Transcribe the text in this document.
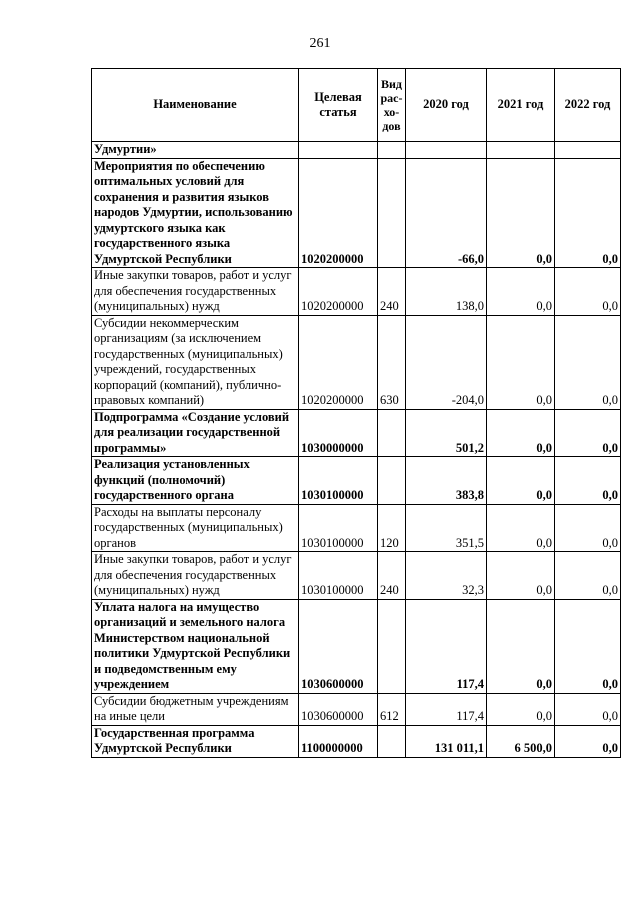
261
Наименование	Целевая статья	Вид рас-хо-дов	2020 год	2021 год	2022 год
Удмуртии»					
Мероприятия по обеспечению оптимальных условий для сохранения и развития языков народов Удмуртии, использованию удмуртского языка как государственного языка Удмуртской Республики	1020200000		-66,0	0,0	0,0
Иные закупки товаров, работ и услуг для обеспечения государственных (муниципальных) нужд	1020200000	240	138,0	0,0	0,0
Субсидии некоммерческим организациям (за исключением государственных (муниципальных) учреждений, государственных корпораций (компаний), публично-правовых компаний)	1020200000	630	-204,0	0,0	0,0
Подпрограмма «Создание условий для реализации государственной программы»	1030000000		501,2	0,0	0,0
Реализация установленных функций (полномочий) государственного органа	1030100000		383,8	0,0	0,0
Расходы на выплаты персоналу государственных (муниципальных) органов	1030100000	120	351,5	0,0	0,0
Иные закупки товаров, работ и услуг для обеспечения государственных (муниципальных) нужд	1030100000	240	32,3	0,0	0,0
Уплата налога на имущество организаций и земельного налога Министерством национальной политики Удмуртской Республики и подведомственным ему учреждением	1030600000		117,4	0,0	0,0
Субсидии бюджетным учреждениям на иные цели	1030600000	612	117,4	0,0	0,0
Государственная программа Удмуртской Республики	1100000000		131 011,1	6 500,0	0,0
